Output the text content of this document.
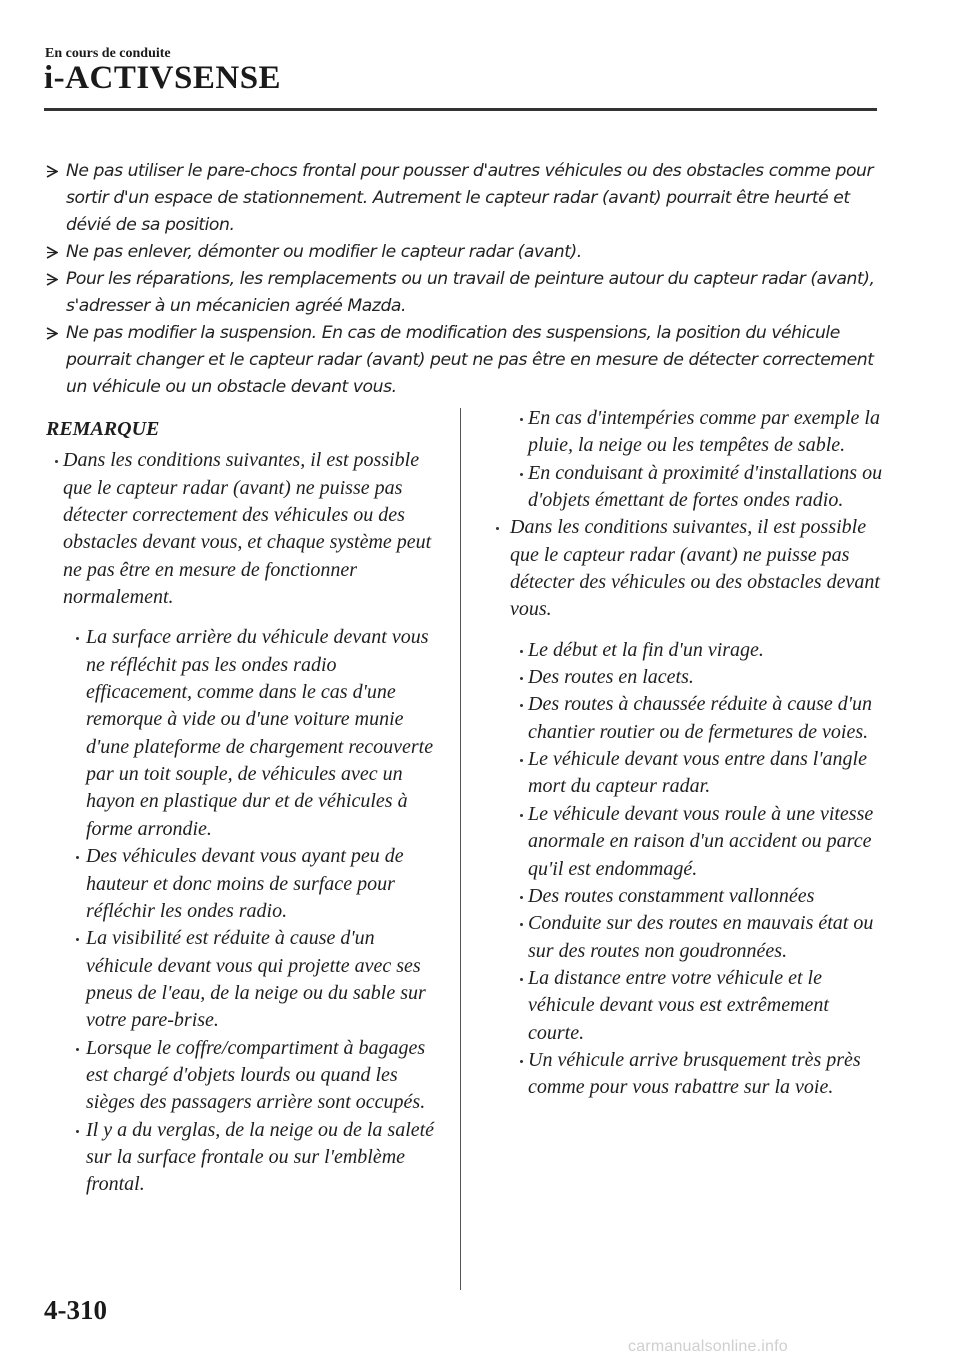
En cours de conduite
i-ACTIVSENSE
Ne pas utiliser le pare-chocs frontal pour pousser d'autres véhicules ou des obstacles comme pour sortir d'un espace de stationnement. Autrement le capteur radar (avant) pourrait être heurté et dévié de sa position.
Ne pas enlever, démonter ou modifier le capteur radar (avant).
Pour les réparations, les remplacements ou un travail de peinture autour du capteur radar (avant), s'adresser à un mécanicien agréé Mazda.
Ne pas modifier la suspension. En cas de modification des suspensions, la position du véhicule pourrait changer et le capteur radar (avant) peut ne pas être en mesure de détecter correctement un véhicule ou un obstacle devant vous.
REMARQUE
Dans les conditions suivantes, il est possible que le capteur radar (avant) ne puisse pas détecter correctement des véhicules ou des obstacles devant vous, et chaque système peut ne pas être en mesure de fonctionner normalement.
La surface arrière du véhicule devant vous ne réfléchit pas les ondes radio efficacement, comme dans le cas d'une remorque à vide ou d'une voiture munie d'une plateforme de chargement recouverte par un toit souple, de véhicules avec un hayon en plastique dur et de véhicules à forme arrondie.
Des véhicules devant vous ayant peu de hauteur et donc moins de surface pour réfléchir les ondes radio.
La visibilité est réduite à cause d'un véhicule devant vous qui projette avec ses pneus de l'eau, de la neige ou du sable sur votre pare-brise.
Lorsque le coffre/compartiment à bagages est chargé d'objets lourds ou quand les sièges des passagers arrière sont occupés.
Il y a du verglas, de la neige ou de la saleté sur la surface frontale ou sur l'emblème frontal.
En cas d'intempéries comme par exemple la pluie, la neige ou les tempêtes de sable.
En conduisant à proximité d'installations ou d'objets émettant de fortes ondes radio.
Dans les conditions suivantes, il est possible que le capteur radar (avant) ne puisse pas détecter des véhicules ou des obstacles devant vous.
Le début et la fin d'un virage.
Des routes en lacets.
Des routes à chaussée réduite à cause d'un chantier routier ou de fermetures de voies.
Le véhicule devant vous entre dans l'angle mort du capteur radar.
Le véhicule devant vous roule à une vitesse anormale en raison d'un accident ou parce qu'il est endommagé.
Des routes constamment vallonnées
Conduite sur des routes en mauvais état ou sur des routes non goudronnées.
La distance entre votre véhicule et le véhicule devant vous est extrêmement courte.
Un véhicule arrive brusquement très près comme pour vous rabattre sur la voie.
4-310
carmanualsonline.info
